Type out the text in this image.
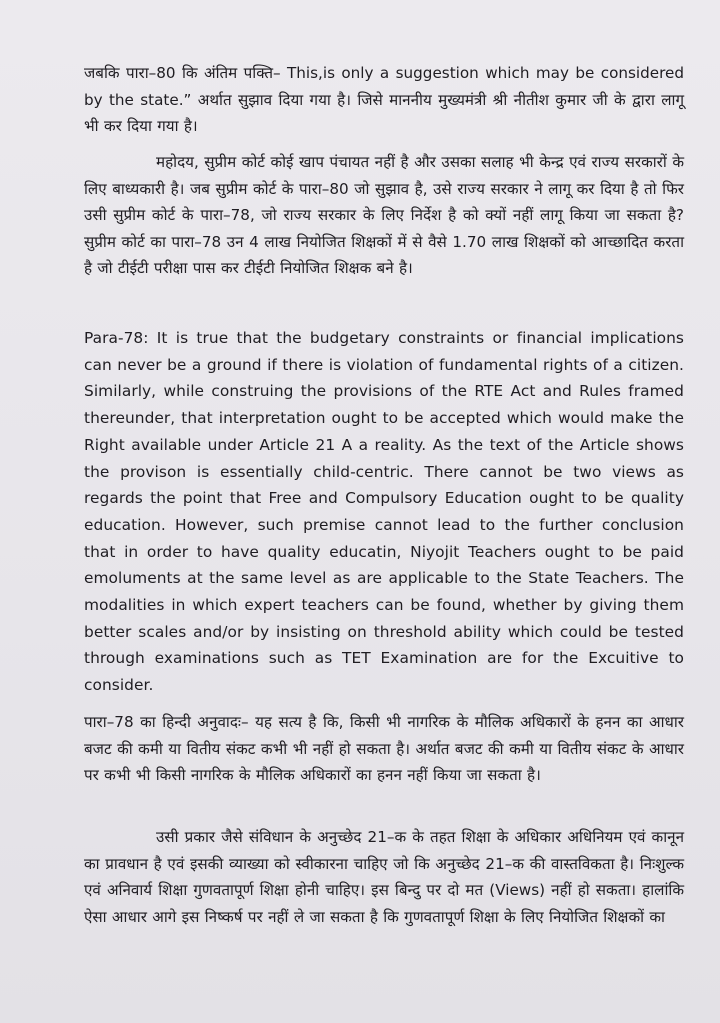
जबकि पारा–80 कि अंतिम पक्ति– This,is only a suggestion which may be considered by the state.” अर्थात सुझाव दिया गया है। जिसे माननीय मुख्यमंत्री श्री नीतीश कुमार जी के द्वारा लागू भी कर दिया गया है।

महोदय, सुप्रीम कोर्ट कोई खाप पंचायत नहीं है और उसका सलाह भी केन्द्र एवं राज्य सरकारों के लिए बाध्यकारी है। जब सुप्रीम कोर्ट के पारा–80 जो सुझाव है, उसे राज्य सरकार ने लागू कर दिया है तो फिर उसी सुप्रीम कोर्ट के पारा–78, जो राज्य सरकार के लिए निर्देश है को क्यों नहीं लागू किया जा सकता है? सुप्रीम कोर्ट का पारा–78 उन 4 लाख नियोजित शिक्षकों में से वैसे 1.70 लाख शिक्षकों को आच्छादित करता है जो टीईटी परीक्षा पास कर टीईटी नियोजित शिक्षक बने है।

Para-78: It is true that the budgetary constraints or financial implications can never be a ground if there is violation of fundamental rights of a citizen. Similarly, while construing the provisions of the RTE Act and Rules framed thereunder, that interpretation ought to be accepted which would make the Right available under Article 21 A a reality. As the text of the Article shows the provison is essentially child-centric. There cannot be two views as regards the point that Free and Compulsory Education ought to be quality education. However, such premise cannot lead to the further conclusion that in order to have quality educatin, Niyojit Teachers ought to be paid emoluments at the same level as are applicable to the State Teachers. The modalities in which expert teachers can be found, whether by giving them better scales and/or by insisting on threshold ability which could be tested through examinations such as TET Examination are for the Excuitive to consider.

पारा–78 का हिन्दी अनुवादः– यह सत्य है कि, किसी भी नागरिक के मौलिक अधिकारों के हनन का आधार बजट की कमी या वितीय संकट कभी भी नहीं हो सकता है। अर्थात बजट की कमी या वितीय संकट के आधार पर कभी भी किसी नागरिक के मौलिक अधिकारों का हनन नहीं किया जा सकता है।

उसी प्रकार जैसे संविधान के अनुच्छेद 21–क के तहत शिक्षा के अधिकार अधिनियम एवं कानून का प्रावधान है एवं इसकी व्याख्या को स्वीकारना चाहिए जो कि अनुच्छेद 21–क की वास्तविकता है। निःशुल्क एवं अनिवार्य शिक्षा गुणवतापूर्ण शिक्षा होनी चाहिए। इस बिन्दु पर दो मत (Views) नहीं हो सकता। हालांकि ऐसा आधार आगे इस निष्कर्ष पर नहीं ले जा सकता है कि गुणवतापूर्ण शिक्षा के लिए नियोजित शिक्षकों का
